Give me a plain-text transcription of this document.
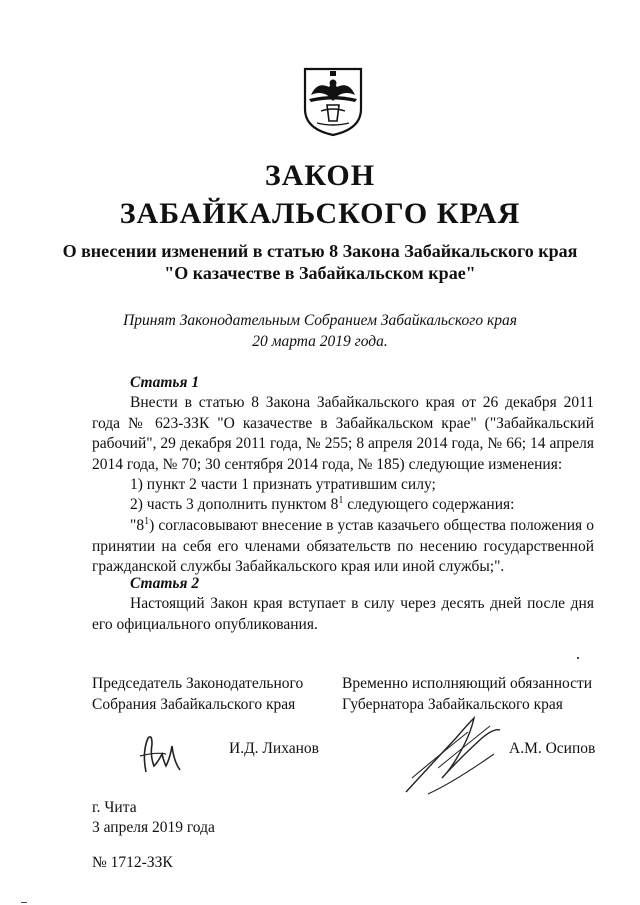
ЗАКОН
ЗАБАЙКАЛЬСКОГО КРАЯ
О внесении изменений в статью 8 Закона Забайкальского края
"О казачестве в Забайкальском крае"
Принят Законодательным Собранием Забайкальского края
20 марта 2019 года.
Статья 1
Внести в статью 8 Закона Забайкальского края от 26 декабря 2011 года № 623-ЗЗК "О казачестве в Забайкальском крае" ("Забайкальский рабочий", 29 декабря 2011 года, № 255; 8 апреля 2014 года, № 66; 14 апреля 2014 года, № 70; 30 сентября 2014 года, № 185) следующие изменения:
1) пункт 2 части 1 признать утратившим силу;
2) часть 3 дополнить пунктом $8^1$ следующего содержания:
"$8^1$) согласовывают внесение в устав казачьего общества положения о принятии на себя его членами обязательств по несению государственной гражданской службы Забайкальского края или иной службы;".
Статья 2
Настоящий Закон края вступает в силу через десять дней после дня его официального опубликования.
Председатель Законодательного
Собрания Забайкальского края
Временно исполняющий обязанности
Губернатора Забайкальского края
И.Д. Лиханов	А.М. Осипов
г. Чита
3 апреля 2019 года
№ 1712-ЗЗК
